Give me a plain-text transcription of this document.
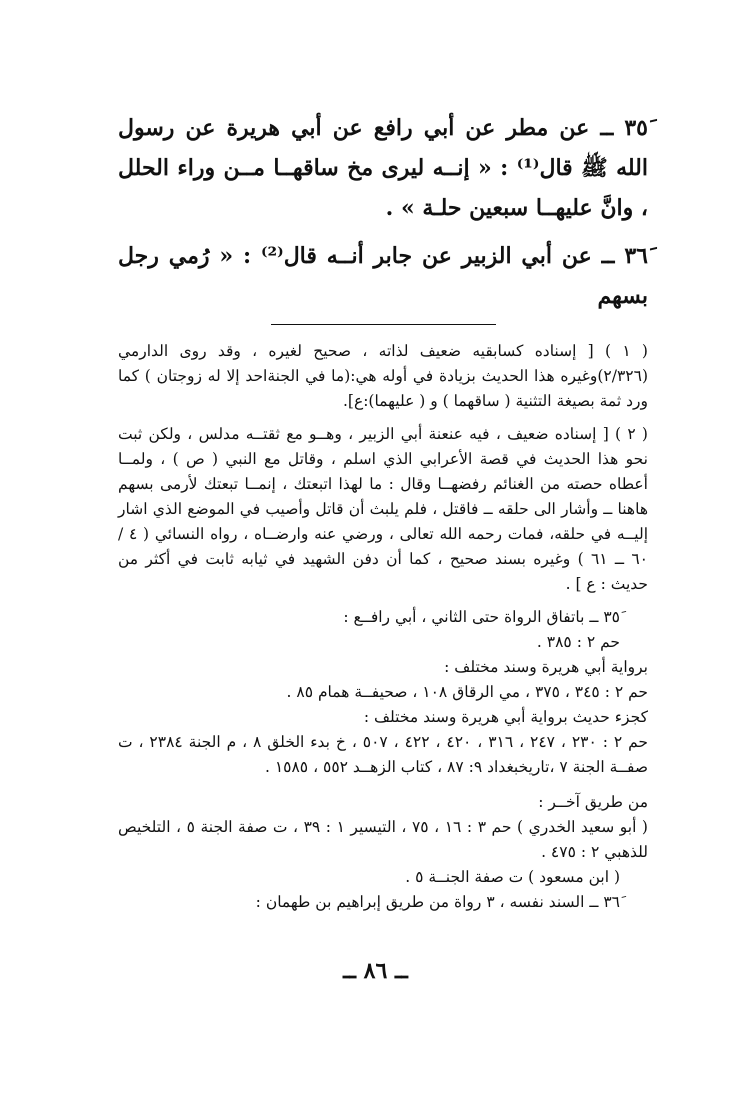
٣٥َ ــ عن مطر عن أبي رافع عن أبي هريرة عن رسول الله ﷺ قال⁽¹⁾ : « إنــه ليرى مخ ساقهــا مــن وراء الحلل ، وانَّ عليهــا سبعين حلـة » .

٣٦َ ــ عن أبي الزبير عن جابر أنــه قال⁽²⁾ : « رُمي رجل بسهم

( ١ ) [ إسناده كسابقيه ضعيف لذاته ، صحيح لغيره ، وقد روى الدارمي (٢/٣٢٦)وغيره هذا الحديث بزيادة في أوله هي:(ما في الجنةاحد إلا له زوجتان ) كما ورد ثمة بصيغة التثنية ( ساقهما ) و ( عليهما):ع].

( ٢ ) [ إسناده ضعيف ، فيه عنعنة أبي الزبير ، وهــو مع ثقتــه مدلس ، ولكن ثبت نحو هذا الحديث في قصة الأعرابي الذي اسلم ، وقاتل مع النبي ( ص ) ، ولمــا أعطاه حصته من الغنائم رفضهــا وقال : ما لهذا اتبعتك ، إنمــا تبعتك لأرمى بسهم هاهنا ــ وأشار الى حلقه ــ فاقتل ، فلم يلبث أن قاتل وأصيب في الموضع الذي اشار إليــه في حلقه، فمات رحمه الله تعالى ، ورضي عنه وارضــاه ، رواه النسائي ( ٤ /٦٠ ــ ٦١ ) وغيره بسند صحيح ، كما أن دفن الشهيد في ثيابه ثابت في أكثر من حديث : ع ] .

٣٥َ ــ باتفاق الرواة حتى الثاني ، أبي رافــع :

حم ٢ : ٣٨٥ .

برواية أبي هريرة وسند مختلف :

حم ٢ : ٣٤٥ ، ٣٧٥ ، مي الرقاق ١٠٨ ، صحيفــة همام ٨٥ .

كجزء حديث برواية أبي هريرة وسند مختلف :

حم ٢ : ٢٣٠ ، ٢٤٧ ، ٣١٦ ، ٤٢٠ ، ٤٢٢ ، ٥٠٧ ، خ بدء الخلق ٨ ، م الجنة ٢٣٨٤ ، ت صفــة الجنة ٧ ،تاريخبغداد ٩: ٨٧ ، كتاب الزهــد ٥٥٢ ، ١٥٨٥ .

من طريق آخــر :

( أبو سعيد الخدري ) حم ٣ : ١٦ ، ٧٥ ، التيسير ١ : ٣٩ ، ت صفة الجنة ٥ ، التلخيص للذهبي ٢ : ٤٧٥ .

( ابن مسعود ) ت صفة الجنــة ٥ .

٣٦َ ــ السند نفسه ، ٣ رواة من طريق إبراهيم بن طهمان :

ــ ٨٦ ــ
